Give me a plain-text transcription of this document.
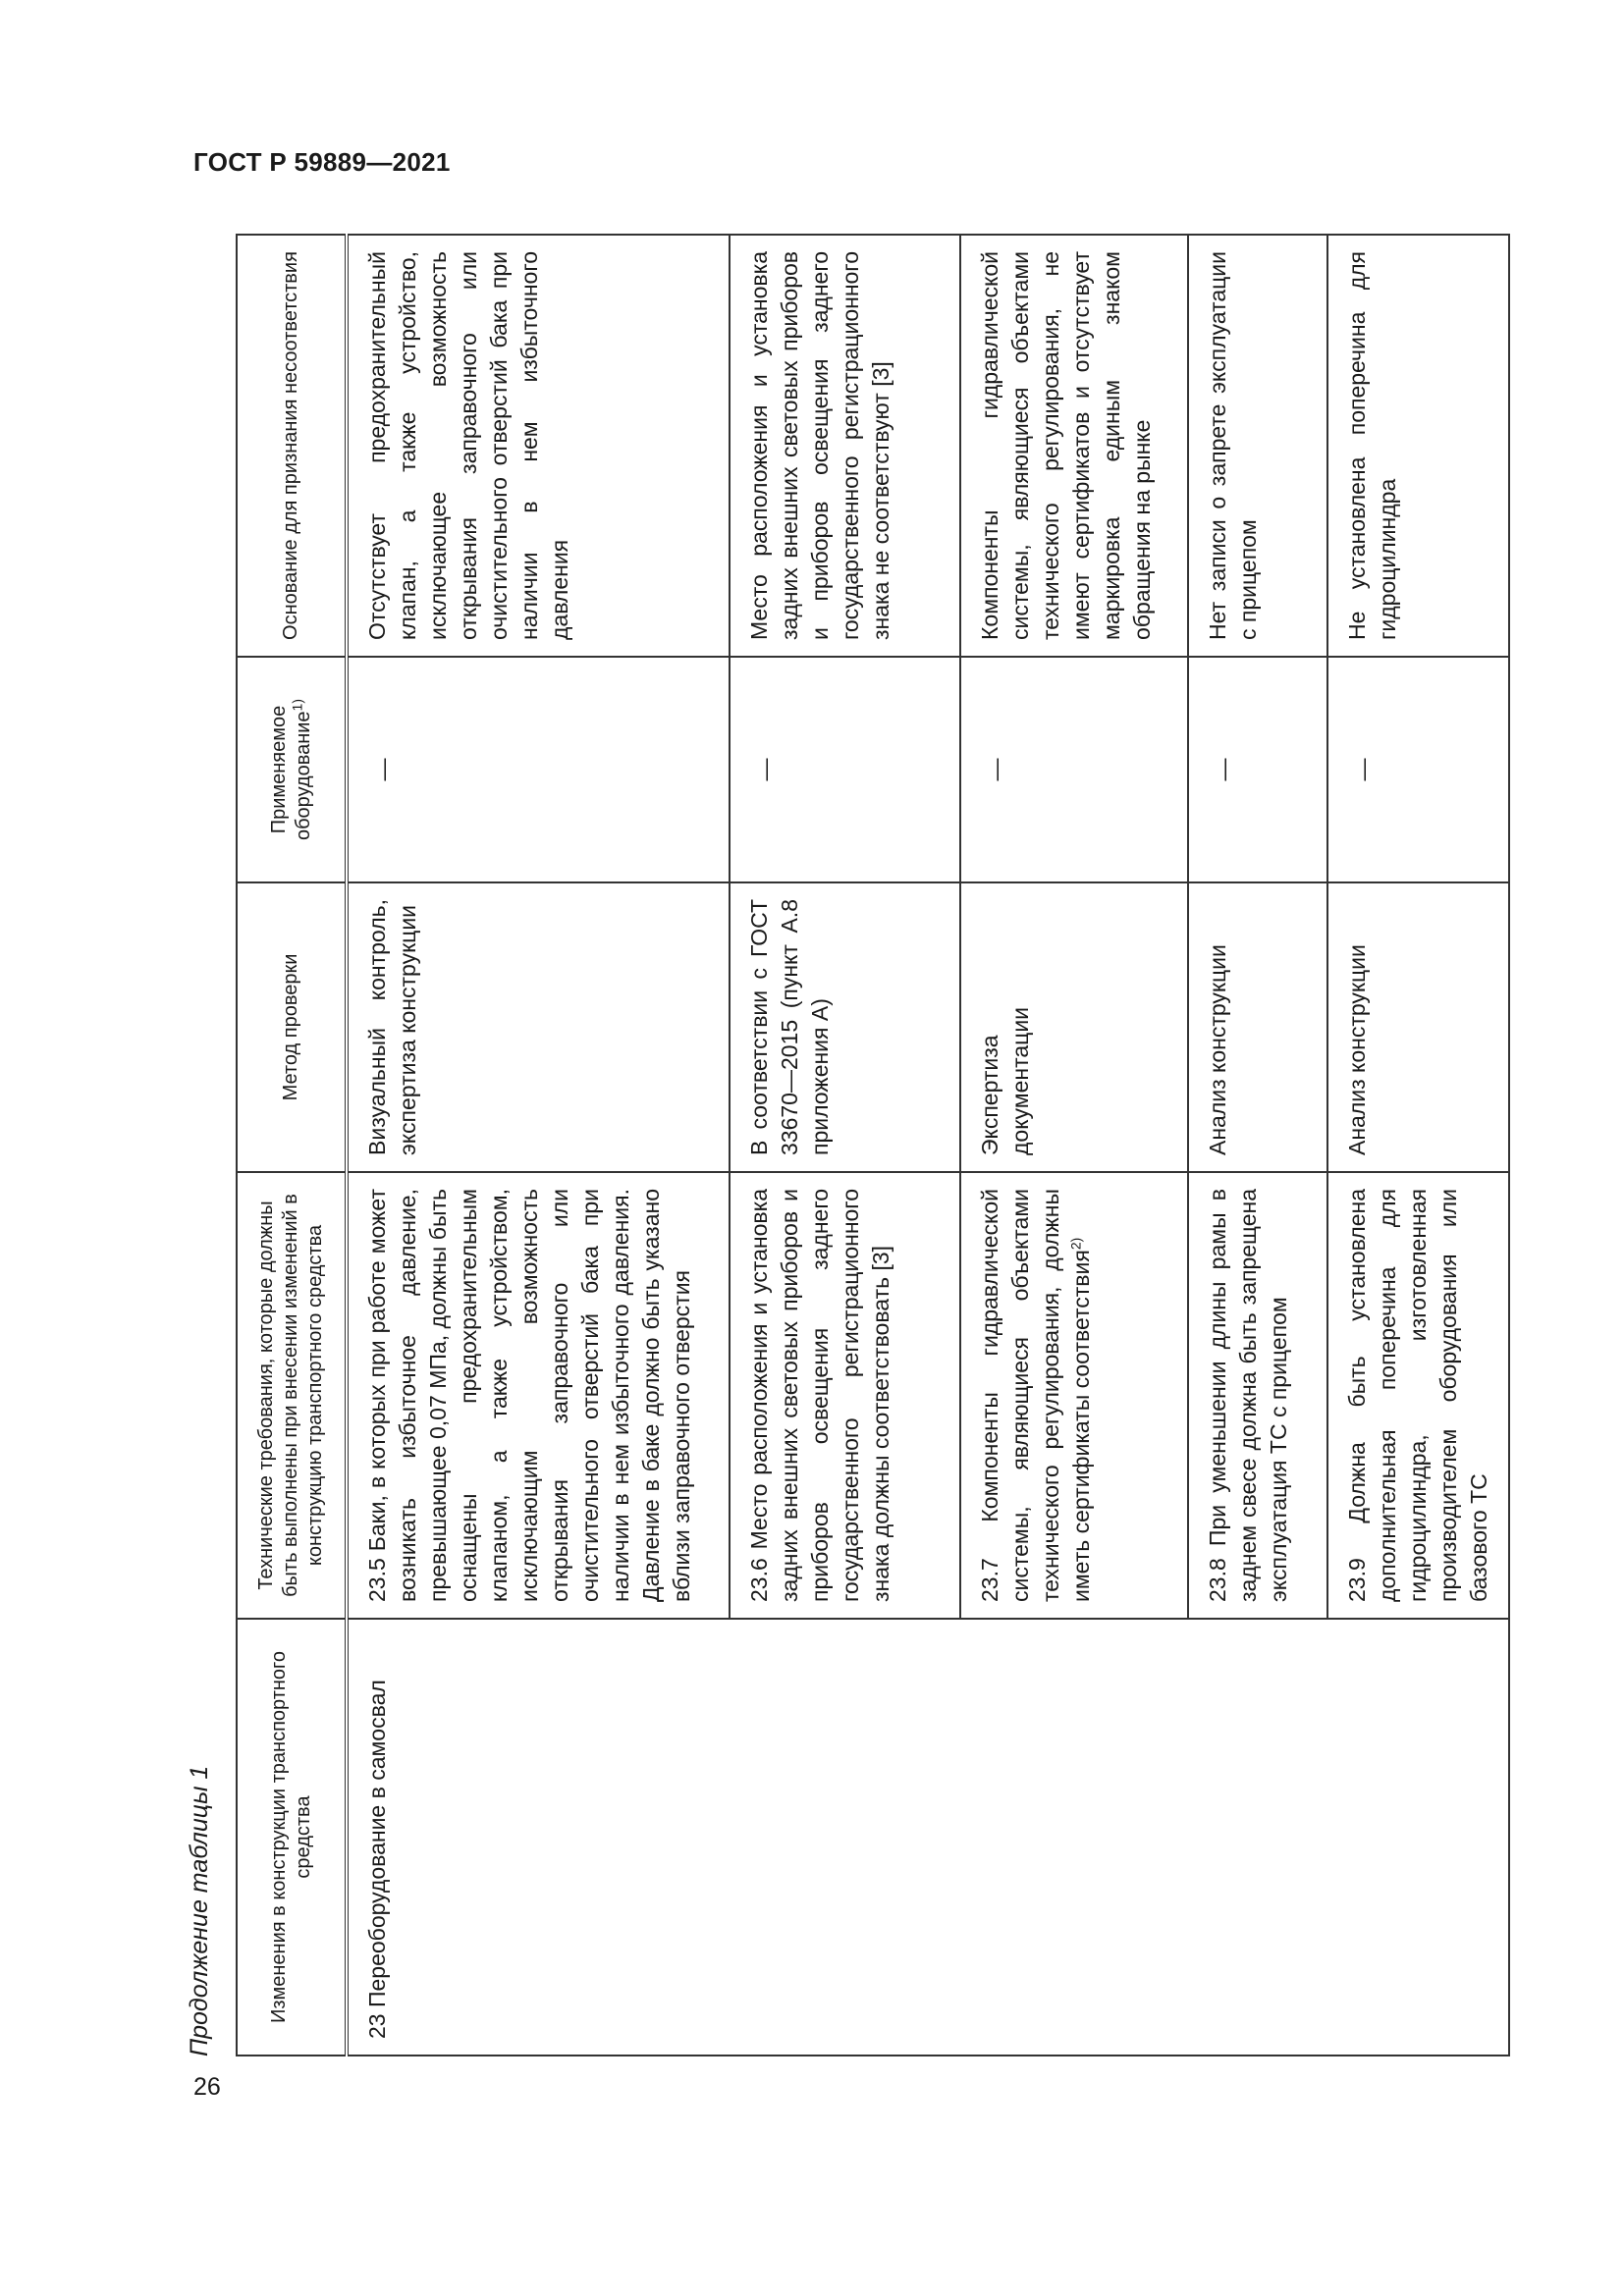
ГОСТ Р 59889—2021
Продолжение таблицы 1	Изменения в конструкции транспортного средства	Технические требования, которые должны быть выполнены при внесении изменений в конструкцию транспортного средства	Метод проверки	Применяемое оборудование$^{1)}$	Основание для признания несоответствия
23 Переоборудование в самосвал	23.5 Баки, в которых при работе может возникать избыточное давление, превышающее 0,07 МПа, должны быть оснащены предохранительным клапаном, а также устройством, исключающим возможность открывания заправочного или очистительного отверстий бака при наличии в нем избыточного давления. Давление в баке должно быть указано вблизи заправочного отверстия	Визуальный контроль, экспертиза конструкции	—	Отсутствует предохранительный клапан, а также устройство, исключающее возможность открывания заправочного или очистительного отверстий бака при наличии в нем избыточного давления
	23.6 Место расположения и установка задних внешних световых приборов и приборов освещения заднего государственного регистрационного знака должны соответствовать [3]	В соответствии с ГОСТ 33670—2015 (пункт А.8 приложения А)	—	Место расположения и установка задних внешних световых приборов и приборов освещения заднего государственного регистрационного знака не соответствуют [3]
	23.7 Компоненты гидравлической системы, являющиеся объектами технического регулирования, должны иметь сертификаты соответствия$^{2)}$	Экспертиза документации	—	Компоненты гидравлической системы, являющиеся объектами технического регулирования, не имеют сертификатов и отсутствует маркировка единым знаком обращения на рынке
	23.8 При уменьшении длины рамы в заднем свесе должна быть запрещена эксплуатация ТС с прицепом	Анализ конструкции	—	Нет записи о запрете эксплуатации с прицепом
	23.9 Должна быть установлена дополнительная поперечина для гидроцилиндра, изготовленная производителем оборудования или базового ТС	Анализ конструкции	—	Не установлена поперечина для гидроцилиндра
26
